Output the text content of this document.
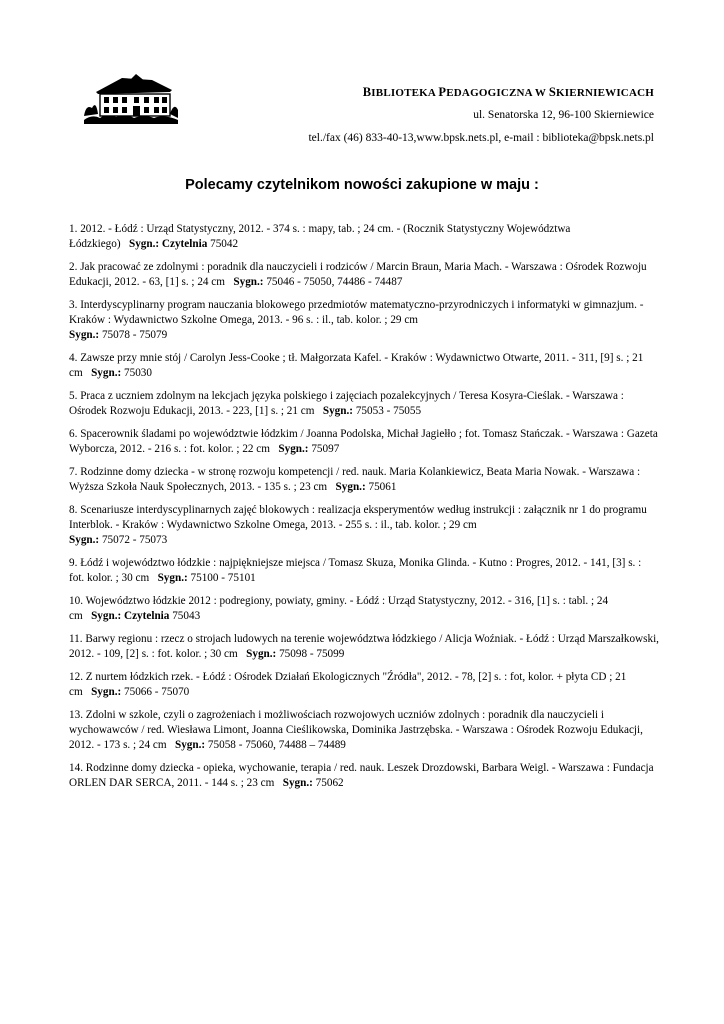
BIBLIOTEKA PEDAGOGICZNA W SKIERNIEWICACH
ul. Senatorska 12, 96-100 Skierniewice
tel./fax (46) 833-40-13,www.bpsk.nets.pl, e-mail : biblioteka@bpsk.nets.pl
Polecamy czytelnikom nowości zakupione w maju :

1. 2012. - Łódź : Urząd Statystyczny, 2012. - 374 s. : mapy, tab. ; 24 cm. - (Rocznik Statystyczny Województwa Łódzkiego) Sygn.: Czytelnia 75042

2. Jak pracować ze zdolnymi : poradnik dla nauczycieli i rodziców / Marcin Braun, Maria Mach. - Warszawa : Ośrodek Rozwoju Edukacji, 2012. - 63, [1] s. ; 24 cm Sygn.: 75046 - 75050, 74486 - 74487

3. Interdyscyplinarny program nauczania blokowego przedmiotów matematyczno-przyrodniczych i informatyki w gimnazjum. - Kraków : Wydawnictwo Szkolne Omega, 2013. - 96 s. : il., tab. kolor. ; 29 cm
Sygn.: 75078 - 75079

4. Zawsze przy mnie stój / Carolyn Jess-Cooke ; tł. Małgorzata Kafel. - Kraków : Wydawnictwo Otwarte, 2011. - 311, [9] s. ; 21 cm Sygn.: 75030

5. Praca z uczniem zdolnym na lekcjach języka polskiego i zajęciach pozalekcyjnych / Teresa Kosyra-Cieślak. - Warszawa : Ośrodek Rozwoju Edukacji, 2013. - 223, [1] s. ; 21 cm Sygn.: 75053 - 75055

6. Spacerownik śladami po województwie łódzkim / Joanna Podolska, Michał Jagiełło ; fot. Tomasz Stańczak. - Warszawa : Gazeta Wyborcza, 2012. - 216 s. : fot. kolor. ; 22 cm Sygn.: 75097

7. Rodzinne domy dziecka - w stronę rozwoju kompetencji / red. nauk. Maria Kolankiewicz, Beata Maria Nowak. - Warszawa : Wyższa Szkoła Nauk Społecznych, 2013. - 135 s. ; 23 cm Sygn.: 75061

8. Scenariusze interdyscyplinarnych zajęć blokowych : realizacja eksperymentów według instrukcji : załącznik nr 1 do programu Interblok. - Kraków : Wydawnictwo Szkolne Omega, 2013. - 255 s. : il., tab. kolor. ; 29 cm
Sygn.: 75072 - 75073

9. Łódź i województwo łódzkie : najpiękniejsze miejsca / Tomasz Skuza, Monika Glinda. - Kutno : Progres, 2012. - 141, [3] s. : fot. kolor. ; 30 cm Sygn.: 75100 - 75101

10. Województwo łódzkie 2012 : podregiony, powiaty, gminy. - Łódź : Urząd Statystyczny, 2012. - 316, [1] s. : tabl. ; 24 cm Sygn.: Czytelnia 75043

11. Barwy regionu : rzecz o strojach ludowych na terenie województwa łódzkiego / Alicja Woźniak. - Łódź : Urząd Marszałkowski, 2012. - 109, [2] s. : fot. kolor. ; 30 cm Sygn.: 75098 - 75099

12. Z nurtem łódzkich rzek. - Łódź : Ośrodek Działań Ekologicznych "Źródła", 2012. - 78, [2] s. : fot, kolor. + płyta CD ; 21 cm Sygn.: 75066 - 75070

13. Zdolni w szkole, czyli o zagrożeniach i możliwościach rozwojowych uczniów zdolnych : poradnik dla nauczycieli i wychowawców / red. Wiesława Limont, Joanna Cieślikowska, Dominika Jastrzębska. - Warszawa : Ośrodek Rozwoju Edukacji, 2012. - 173 s. ; 24 cm Sygn.: 75058 - 75060, 74488 – 74489

14. Rodzinne domy dziecka - opieka, wychowanie, terapia / red. nauk. Leszek Drozdowski, Barbara Weigl. - Warszawa : Fundacja ORLEN DAR SERCA, 2011. - 144 s. ; 23 cm Sygn.: 75062
